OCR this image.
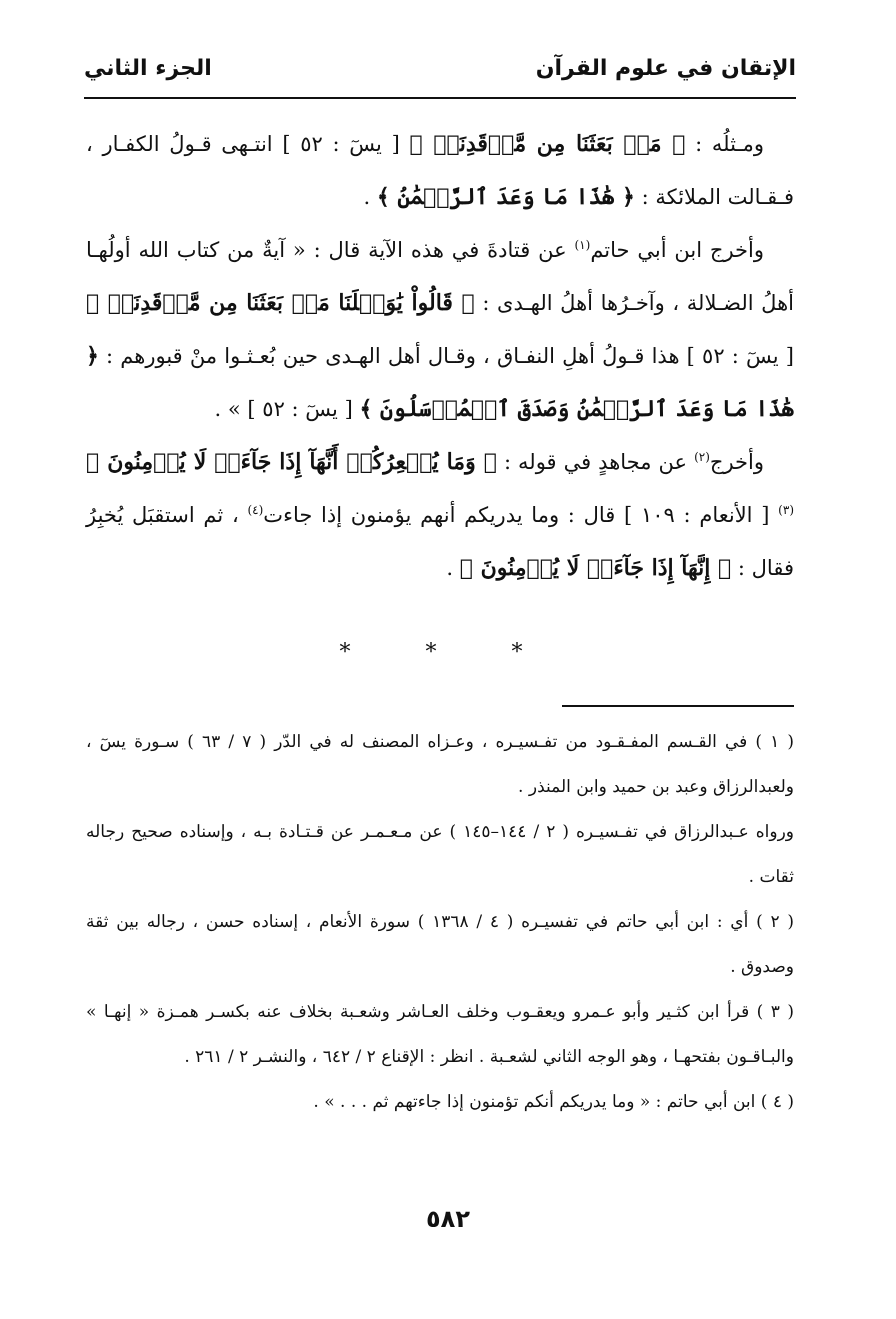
الإتقان في علوم القرآن
الجزء الثاني

ومـثلُه : ﴿ مَنۢ بَعَثَنَا مِن مَّرۡقَدِنَاۜ ﴾ [ يسٓ : ٥٢ ] انتـهى قـولُ الكفـار ، فـقـالت الملائكة : ﴿ هَٰذَا مَا وَعَدَ ٱلرَّحۡمَٰنُ ﴾ .

وأخرج ابن أبي حاتم$^{(١)}$ عن قتادةَ في هذه الآية قال : « آيةٌ من كتاب الله أولُهـا أهلُ الضـلالة ، وآخـرُها أهلُ الهـدى : ﴿ قَالُواْ يَٰوَيۡلَنَا مَنۢ بَعَثَنَا مِن مَّرۡقَدِنَاۜ ﴾ [ يسٓ : ٥٢ ] هذا قـولُ أهلِ النفـاق ، وقـال أهل الهـدى حين بُعـثـوا منْ قبورهم : ﴿ هَٰذَا مَا وَعَدَ ٱلرَّحۡمَٰنُ وَصَدَقَ ٱلۡمُرۡسَلُونَ ﴾ [ يسٓ : ٥٢ ] » .

وأخرج$^{(٢)}$ عن مجاهدٍ في قوله : ﴿ وَمَا يُشۡعِرُكُمۡ أَنَّهَآ إِذَا جَآءَتۡ لَا يُؤۡمِنُونَ ﴾$^{(٣)}$ [ الأنعام : ١٠٩ ] قال : وما يدريكم أنهم يؤمنون إذا جاءت$^{(٤)}$ ، ثم استقبَل يُخبِرُ فقال : ﴿ إِنَّهَآ إِذَا جَآءَتۡ لَا يُؤۡمِنُونَ ﴾ .

* * *

( ١ ) في القـسم المفـقـود من تفـسيـره ، وعـزاه المصنف له في الدّر ( ٧ / ٦٣ ) سـورة يسٓ ، ولعبدالرزاق وعبد بن حميد وابن المنذر .

ورواه عـبدالرزاق في تفـسيـره ( ٢ / ١٤٤–١٤٥ ) عن مـعـمـر عن قـتـادة بـه ، وإسناده صحيح رجاله ثقات .

( ٢ ) أي : ابن أبي حاتم في تفسيـره ( ٤ / ١٣٦٨ ) سورة الأنعام ، إسناده حسن ، رجاله بين ثقة وصدوق .

( ٣ ) قرأ ابن كثـير وأبو عـمرو ويعقـوب وخلف العـاشر وشعـبة بخلاف عنه بكسـر همـزة « إنهـا » والبـاقـون بفتحهـا ، وهو الوجه الثاني لشعـبة . انظر : الإقناع ٢ / ٦٤٢ ، والنشـر ٢ / ٢٦١ .

( ٤ ) ابن أبي حاتم : « وما يدريكم أنكم تؤمنون إذا جاءتهم ثم . . . » .

٥٨٢
